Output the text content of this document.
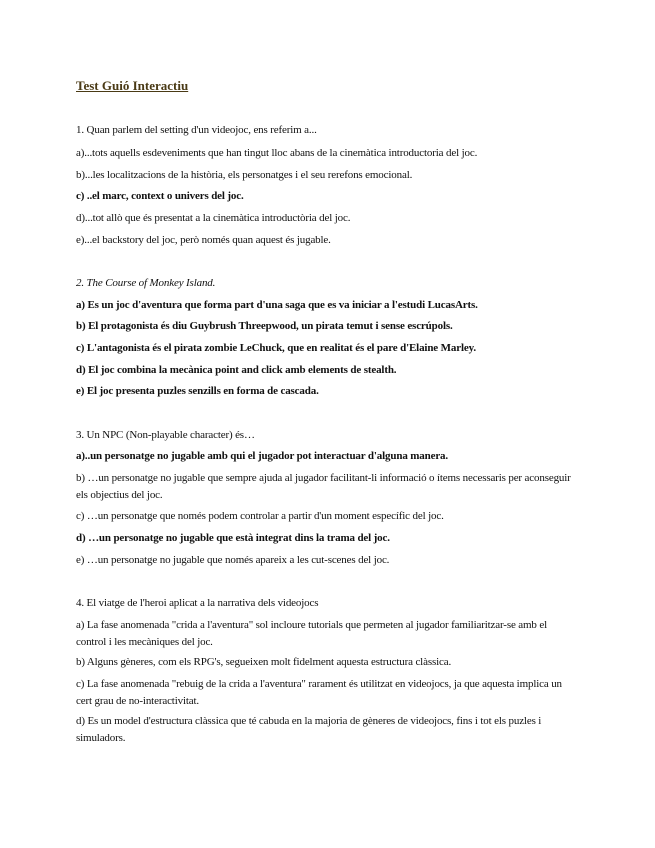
Test Guió Interactiu
1. Quan parlem del setting d'un videojoc, ens referim a...
a)...tots aquells esdeveniments que han tingut lloc abans de la cinemàtica introductoria del joc.
b)...les localitzacions de la història, els personatges i el seu rerefons emocional.
c) ..el marc, context o univers del joc.
d)...tot allò que és presentat a la cinemàtica introductòria del joc.
e)...el backstory del joc, però només quan aquest és jugable.
2. The Course of Monkey Island.
a) Es un joc d'aventura que forma part d'una saga que es va iniciar a l'estudi LucasArts.
b) El protagonista és diu Guybrush Threepwood, un pirata temut i sense escrúpols.
c) L'antagonista és el pirata zombie LeChuck, que en realitat és el pare d'Elaine Marley.
d) El joc combina la mecànica point and click amb elements de stealth.
e) El joc presenta puzles senzills en forma de cascada.
3. Un NPC (Non-playable character) és…
a)..un personatge no jugable amb qui el jugador pot interactuar d'alguna manera.
b) …un personatge no jugable que sempre ajuda al jugador facilitant-li informació o ítems necessaris per aconseguir els objectius del joc.
c) …un personatge que només podem controlar a partir d'un moment específic del joc.
d) …un personatge no jugable que està integrat dins la trama del joc.
e) …un personatge no jugable que només apareix a les cut-scenes del joc.
4. El viatge de l'heroi aplicat a la narrativa dels videojocs
a) La fase anomenada "crida a l'aventura" sol incloure tutorials que permeten al jugador familiaritzar-se amb el control i les mecàniques del joc.
b) Alguns gèneres, com els RPG's, segueixen molt fidelment aquesta estructura clàssica.
c) La fase anomenada "rebuig de la crida a l'aventura" rarament és utilitzat en videojocs, ja que aquesta implica un cert grau de no-interactivitat.
d) Es un model d'estructura clàssica que té cabuda en la majoria de gèneres de videojocs, fins i tot els puzles i simuladors.
